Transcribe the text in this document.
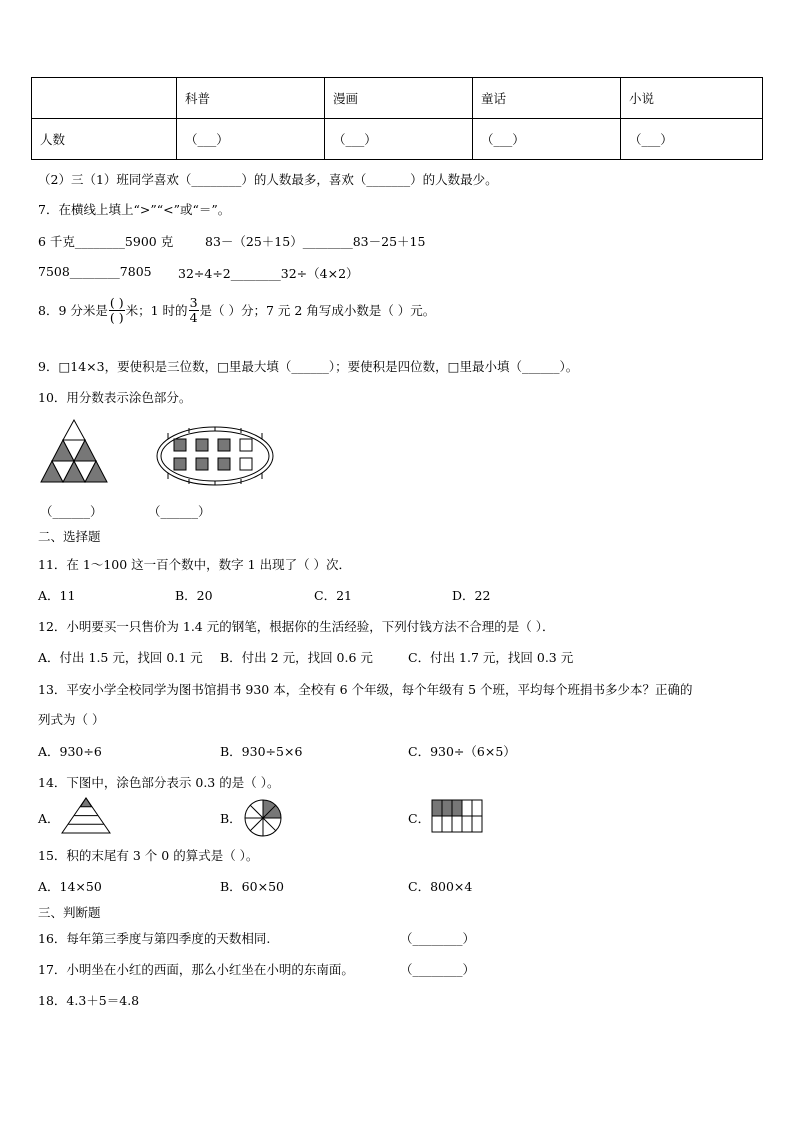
	科普	漫画	童话	小说
人数	（___）	（___）	（___）	（___）
（2）三（1）班同学喜欢（________）的人数最多，喜欢（_______）的人数最少。
7．在横线上填上“>”“<”或“＝”。
6 千克________5900 克	83－（25＋15）________83－25＋15
7508________7805 32÷4÷2________32÷（4×2）
8．9 分米是 $\frac{( )}{( )}$ 米；1 时的 $\frac{3}{4}$ 是（ ）分；7 元 2 角写成小数是（ ）元。
9．□14×3，要使积是三位数，□里最大填（______）；要使积是四位数，□里最小填（______）。
10．用分数表示涂色部分。
（______）	（______）
二、选择题
11．在 1～100 这一百个数中，数字 1 出现了（ ）次．
A．11	B．20	C．21	D．22
12．小明要买一只售价为 1.4 元的钢笔，根据你的生活经验，下列付钱方法不合理的是（ ）．
A．付出 1.5 元，找回 0.1 元 B．付出 2 元，找回 0.6 元	C．付出 1.7 元，找回 0.3 元
13．平安小学全校同学为图书馆捐书 930 本，全校有 6 个年级，每个年级有 5 个班，平均每个班捐书多少本？正确的
列式为（ ）
A．930÷6	B．930÷5×6	C．930÷（6×5）
14．下图中，涂色部分表示 0.3 的是（ ）。
A．	B．	C．
15．积的末尾有 3 个 0 的算式是（ ）。
A．14×50	B．60×50	C．800×4
三、判断题
16．每年第三季度与第四季度的天数相同.	（________）
17．小明坐在小红的西面，那么小红坐在小明的东南面。	（________）
18．4.3＋5＝4.8
